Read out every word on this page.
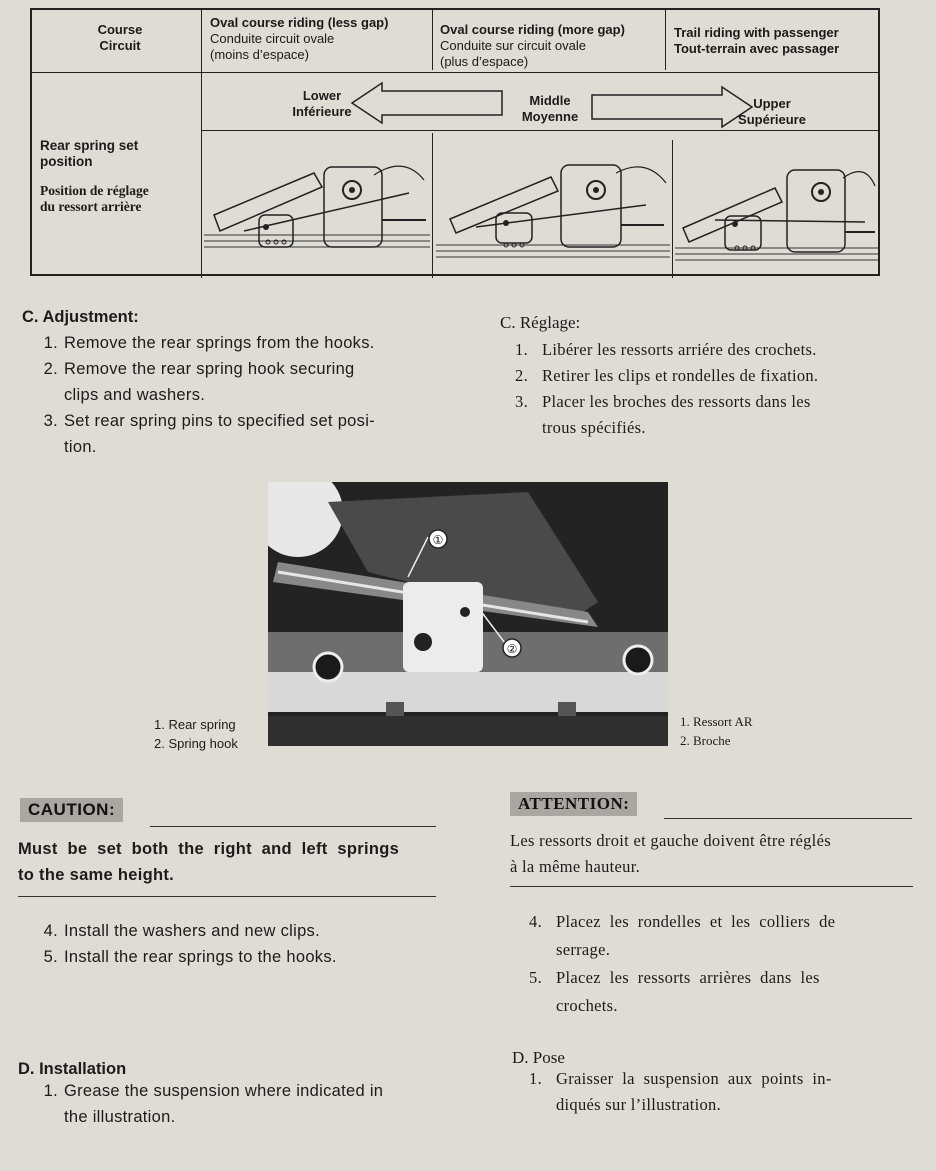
Course
Circuit
Oval course riding (less gap)
Conduite circuit ovale
(moins d’espace)
Oval course riding (more gap)
Conduite sur circuit ovale
(plus d’espace)
Trail riding with passenger
Tout-terrain avec passager
Lower
Inférieure
Middle
Moyenne
Upper
Supérieure
Rear spring set
position
Position de réglage
du ressort arrière
C. Adjustment:
1. Remove the rear springs from the hooks.
2. Remove the rear spring hook securing
clips and washers.
3. Set rear spring pins to specified set posi-
tion.
C. Réglage:
1. Libérer les ressorts arriére des crochets.
2. Retirer les clips et rondelles de fixation.
3. Placer les broches des ressorts dans les
trous spécifiés.
①
②
1. Rear spring
2. Spring hook
1. Ressort AR
2. Broche
CAUTION:
Must  be  set  both  the  right  and  left  springs
to the same height.
ATTENTION:
Les ressorts droit et gauche doivent être réglés
à la même hauteur.
4. Install the washers and new clips.
5. Install the rear springs to the hooks.
4. Placez  les  rondelles  et  les  colliers  de
serrage.
5. Placez  les  ressorts  arrières  dans  les
crochets.
D. Installation
1. Grease the suspension where indicated in
the illustration.
D. Pose
1. Graisser  la  suspension  aux  points  in-
diqués sur l’illustration.
